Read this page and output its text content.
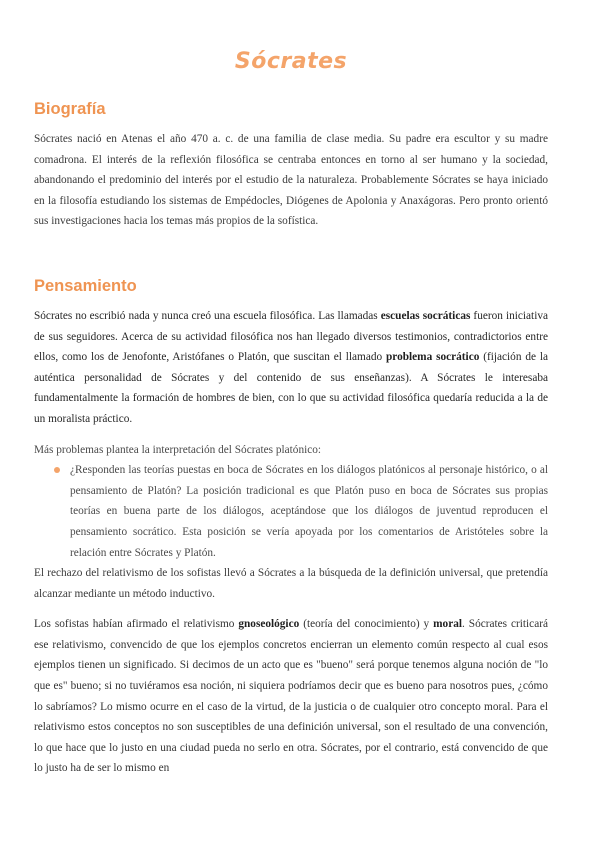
Sócrates
Biografía

Sócrates nació en Atenas el año 470 a. c. de una familia de clase media. Su padre era escultor y su madre comadrona. El interés de la reflexión filosófica se centraba entonces en torno al ser humano y la sociedad, abandonando el predominio del interés por el estudio de la naturaleza. Probablemente Sócrates se haya iniciado en la filosofía estudiando los sistemas de Empédocles, Diógenes de Apolonia y Anaxágoras. Pero pronto orientó sus investigaciones hacia los temas más propios de la sofística.

Pensamiento

Sócrates no escribió nada y nunca creó una escuela filosófica. Las llamadas escuelas socráticas fueron iniciativa de sus seguidores. Acerca de su actividad filosófica nos han llegado diversos testimonios, contradictorios entre ellos, como los de Jenofonte, Aristófanes o Platón, que suscitan el llamado problema socrático (fijación de la auténtica personalidad de Sócrates y del contenido de sus enseñanzas). A Sócrates le interesaba fundamentalmente la formación de hombres de bien, con lo que su actividad filosófica quedaría reducida a la de un moralista práctico.

Más problemas plantea la interpretación del Sócrates platónico:

¿Responden las teorías puestas en boca de Sócrates en los diálogos platónicos al personaje histórico, o al pensamiento de Platón? La posición tradicional es que Platón puso en boca de Sócrates sus propias teorías en buena parte de los diálogos, aceptándose que los diálogos de juventud reproducen el pensamiento socrático. Esta posición se vería apoyada por los comentarios de Aristóteles sobre la relación entre Sócrates y Platón.

El rechazo del relativismo de los sofistas llevó a Sócrates a la búsqueda de la definición universal, que pretendía alcanzar mediante un método inductivo.

Los sofistas habían afirmado el relativismo gnoseológico (teoría del conocimiento) y moral. Sócrates criticará ese relativismo, convencido de que los ejemplos concretos encierran un elemento común respecto al cual esos ejemplos tienen un significado. Si decimos de un acto que es "bueno" será porque tenemos alguna noción de "lo que es" bueno; si no tuviéramos esa noción, ni siquiera podríamos decir que es bueno para nosotros pues, ¿cómo lo sabríamos? Lo mismo ocurre en el caso de la virtud, de la justicia o de cualquier otro concepto moral. Para el relativismo estos conceptos no son susceptibles de una definición universal, son el resultado de una convención, lo que hace que lo justo en una ciudad pueda no serlo en otra. Sócrates, por el contrario, está convencido de que lo justo ha de ser lo mismo en
